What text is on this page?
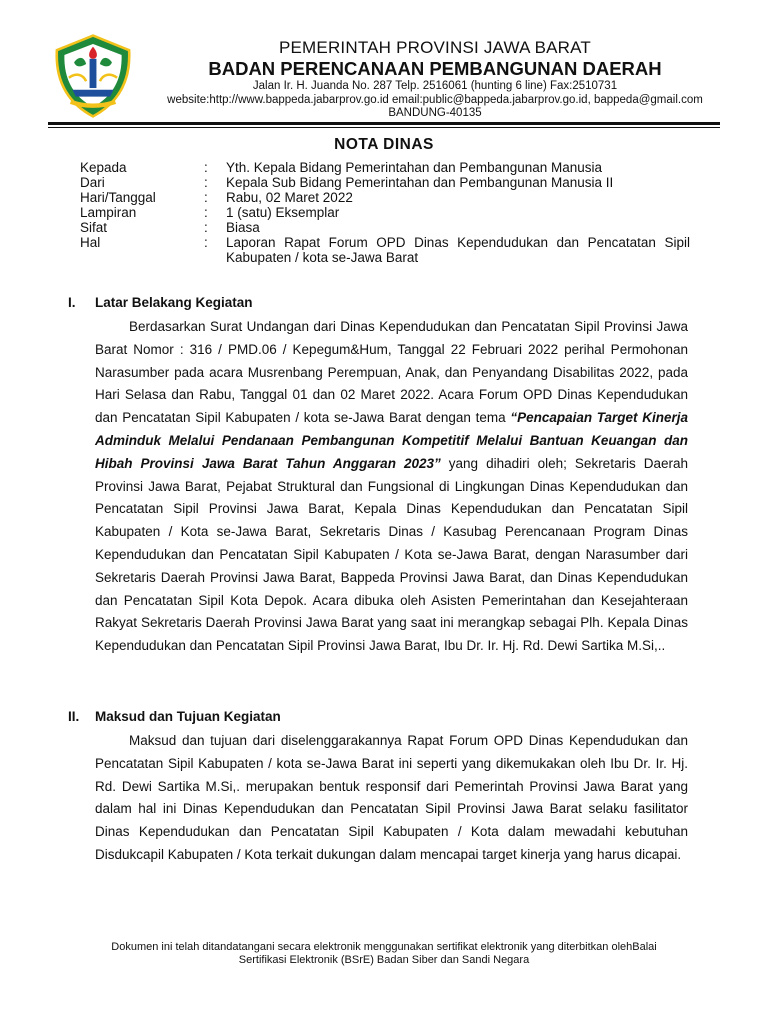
PEMERINTAH PROVINSI JAWA BARAT
BADAN PERENCANAAN PEMBANGUNAN DAERAH
Jalan Ir. H. Juanda No. 287 Telp. 2516061 (hunting 6 line) Fax:2510731
website:http://www.bappeda.jabarprov.go.id email:public@bappeda.jabarprov.go.id, bappeda@gmail.com
BANDUNG-40135
NOTA DINAS
Kepada	:	Yth. Kepala Bidang Pemerintahan dan Pembangunan Manusia
Dari	:	Kepala Sub Bidang Pemerintahan dan Pembangunan Manusia II
Hari/Tanggal	:	Rabu, 02 Maret 2022
Lampiran	:	1 (satu) Eksemplar
Sifat	:	Biasa
Hal	:	Laporan Rapat Forum OPD Dinas Kependudukan dan Pencatatan Sipil Kabupaten / kota se-Jawa Barat
I.	Latar Belakang Kegiatan

Berdasarkan Surat Undangan dari Dinas Kependudukan dan Pencatatan Sipil Provinsi Jawa Barat Nomor : 316 / PMD.06 / Kepegum&Hum, Tanggal 22 Februari 2022 perihal Permohonan Narasumber pada acara Musrenbang Perempuan, Anak, dan Penyandang Disabilitas 2022, pada Hari Selasa dan Rabu, Tanggal 01 dan 02 Maret 2022. Acara Forum OPD Dinas Kependudukan dan Pencatatan Sipil Kabupaten / kota se-Jawa Barat dengan tema “Pencapaian Target Kinerja Adminduk Melalui Pendanaan Pembangunan Kompetitif Melalui Bantuan Keuangan dan Hibah Provinsi Jawa Barat Tahun Anggaran 2023” yang dihadiri oleh; Sekretaris Daerah Provinsi Jawa Barat, Pejabat Struktural dan Fungsional di Lingkungan Dinas Kependudukan dan Pencatatan Sipil Provinsi Jawa Barat, Kepala Dinas Kependudukan dan Pencatatan Sipil Kabupaten / Kota se-Jawa Barat, Sekretaris Dinas / Kasubag Perencanaan Program Dinas Kependudukan dan Pencatatan Sipil Kabupaten / Kota se-Jawa Barat, dengan Narasumber dari Sekretaris Daerah Provinsi Jawa Barat, Bappeda Provinsi Jawa Barat, dan Dinas Kependudukan dan Pencatatan Sipil Kota Depok. Acara dibuka oleh Asisten Pemerintahan dan Kesejahteraan Rakyat Sekretaris Daerah Provinsi Jawa Barat yang saat ini merangkap sebagai Plh. Kepala Dinas Kependudukan dan Pencatatan Sipil Provinsi Jawa Barat, Ibu Dr. Ir. Hj. Rd. Dewi Sartika M.Si,..

II.	Maksud dan Tujuan Kegiatan

Maksud dan tujuan dari diselenggarakannya Rapat Forum OPD Dinas Kependudukan dan Pencatatan Sipil Kabupaten / kota se-Jawa Barat ini seperti yang dikemukakan oleh Ibu Dr. Ir. Hj. Rd. Dewi Sartika M.Si,. merupakan bentuk responsif dari Pemerintah Provinsi Jawa Barat yang dalam hal ini Dinas Kependudukan dan Pencatatan Sipil Provinsi Jawa Barat selaku fasilitator Dinas Kependudukan dan Pencatatan Sipil Kabupaten / Kota dalam mewadahi kebutuhan Disdukcapil Kabupaten / Kota terkait dukungan dalam mencapai target kinerja yang harus dicapai.

Dokumen ini telah ditandatangani secara elektronik menggunakan sertifikat elektronik yang diterbitkan olehBalai
Sertifikasi Elektronik (BSrE) Badan Siber dan Sandi Negara
